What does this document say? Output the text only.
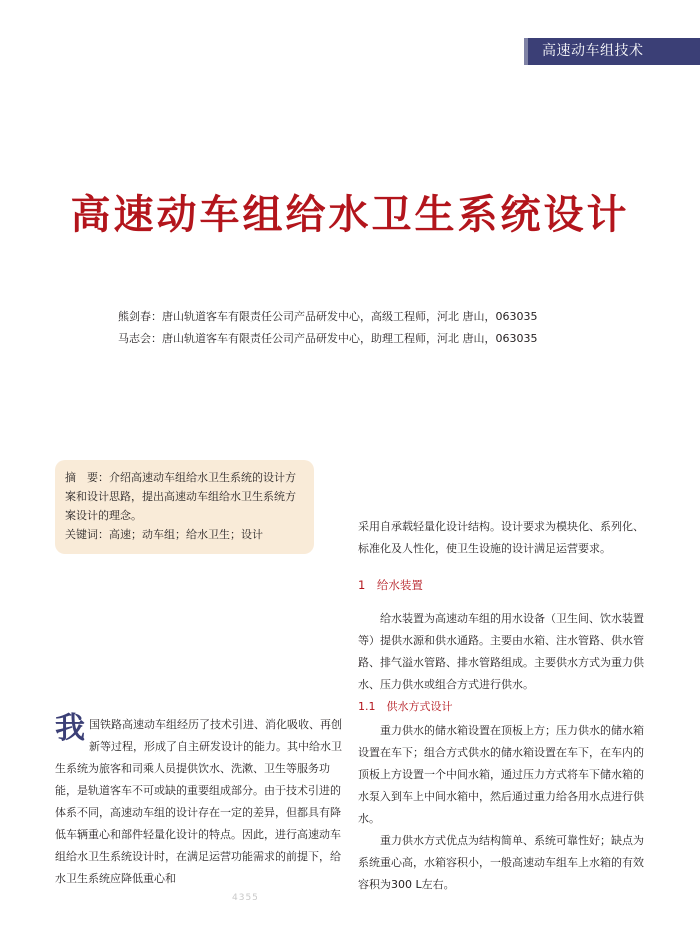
高速动车组技术
高速动车组给水卫生系统设计
熊剑春：唐山轨道客车有限责任公司产品研发中心，高级工程师，河北 唐山，063035
马志会：唐山轨道客车有限责任公司产品研发中心，助理工程师，河北 唐山，063035

摘　要：介绍高速动车组给水卫生系统的设计方案和设计思路，提出高速动车组给水卫生系统方案设计的理念。

关键词：高速；动车组；给水卫生；设计

我 国铁路高速动车组经历了技术引进、消化吸收、再创新等过程，形成了自主研发设计的能力。其中给水卫生系统为旅客和司乘人员提供饮水、洗漱、卫生等服务功能，是轨道客车不可或缺的重要组成部分。由于技术引进的体系不同，高速动车组的设计存在一定的差异，但都具有降低车辆重心和部件轻量化设计的特点。因此，进行高速动车组给水卫生系统设计时，在满足运营功能需求的前提下，给水卫生系统应降低重心和

采用自承载轻量化设计结构。设计要求为模块化、系列化、标准化及人性化，使卫生设施的设计满足运营要求。

1　给水装置

给水装置为高速动车组的用水设备（卫生间、饮水装置等）提供水源和供水通路。主要由水箱、注水管路、供水管路、排气溢水管路、排水管路组成。主要供水方式为重力供水、压力供水或组合方式进行供水。

1.1　供水方式设计

重力供水的储水箱设置在顶板上方；压力供水的储水箱设置在车下；组合方式供水的储水箱设置在车下，在车内的顶板上方设置一个中间水箱，通过压力方式将车下储水箱的水泵入到车上中间水箱中，然后通过重力给各用水点进行供水。

重力供水方式优点为结构简单、系统可靠性好；缺点为系统重心高，水箱容积小，一般高速动车组车上水箱的有效容积为300 L左右。

4355
